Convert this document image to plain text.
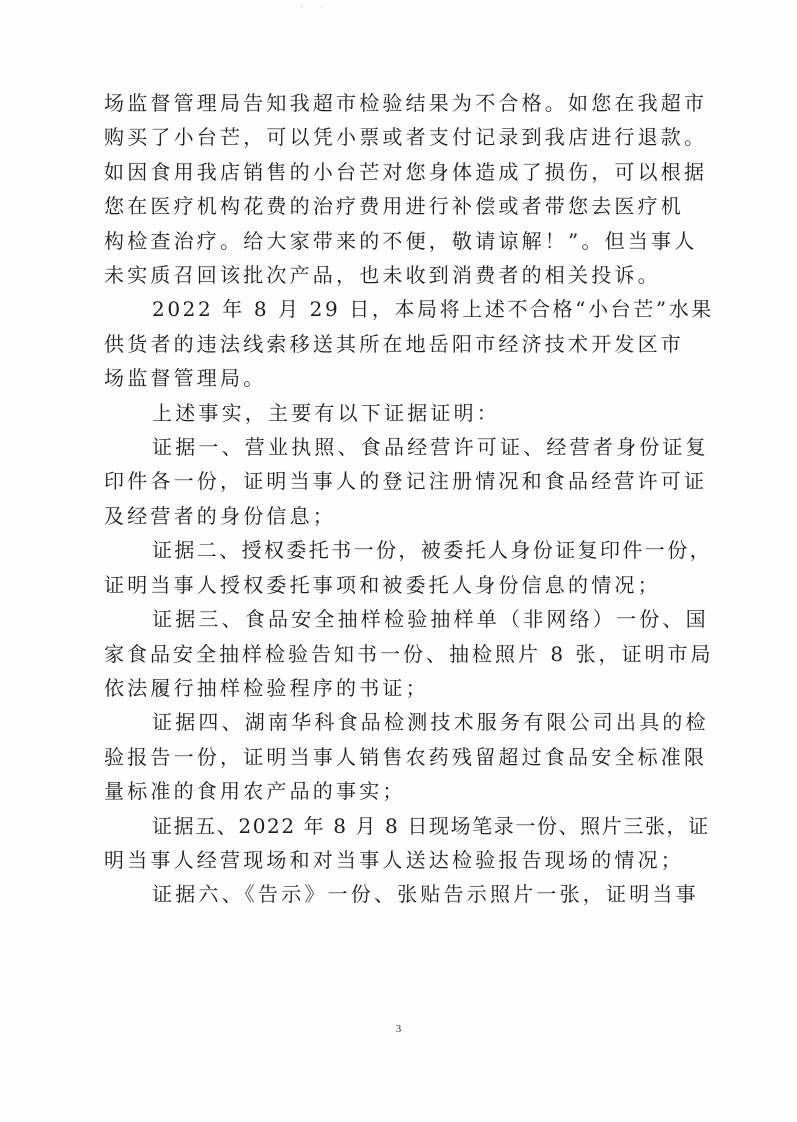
· ·
场监督管理局告知我超市检验结果为不合格。如您在我超市
购买了小台芒，可以凭小票或者支付记录到我店进行退款。
如因食用我店销售的小台芒对您身体造成了损伤，可以根据
您在医疗机构花费的治疗费用进行补偿或者带您去医疗机
构检查治疗。给大家带来的不便，敬请谅解！”。但当事人
未实质召回该批次产品，也未收到消费者的相关投诉。
2022 年 8 月 29 日，本局将上述不合格“小台芒”水果
供货者的违法线索移送其所在地岳阳市经济技术开发区市
场监督管理局。
上述事实，主要有以下证据证明：
证据一、营业执照、食品经营许可证、经营者身份证复
印件各一份，证明当事人的登记注册情况和食品经营许可证
及经营者的身份信息；
证据二、授权委托书一份，被委托人身份证复印件一份，
证明当事人授权委托事项和被委托人身份信息的情况；
证据三、食品安全抽样检验抽样单（非网络）一份、国
家食品安全抽样检验告知书一份、抽检照片 8 张，证明市局
依法履行抽样检验程序的书证；
证据四、湖南华科食品检测技术服务有限公司出具的检
验报告一份，证明当事人销售农药残留超过食品安全标准限
量标准的食用农产品的事实；
证据五、2022 年 8 月 8 日现场笔录一份、照片三张，证
明当事人经营现场和对当事人送达检验报告现场的情况；
证据六、《告示》一份、张贴告示照片一张，证明当事
3
